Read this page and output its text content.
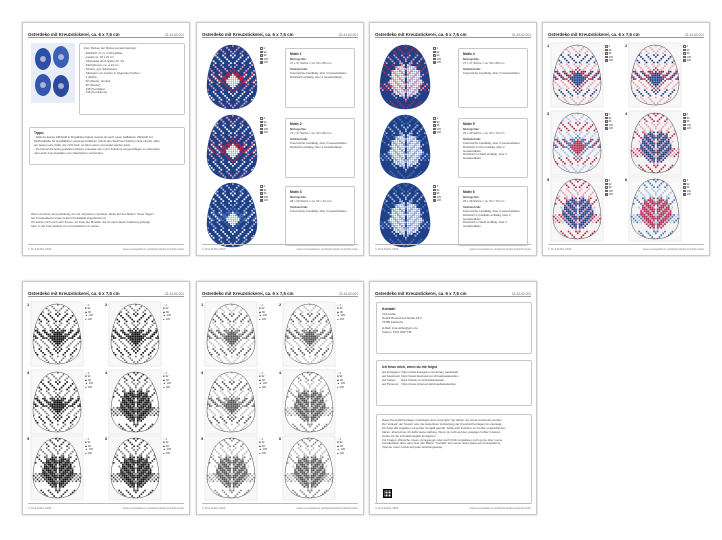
Osterdeko mit Kreuzstickerei, ca. 6 x 7,5 cm	32-43-62-001
Zum Sticken der Motive werden benötigt:
- Zählstoff, 27 ct, in Royalblau,
jeweils ca. 20 x 20 cm
- Sticknadel ohne Spitze Nr. 24
- Stickrahmen, ca. ø 13 cm
- Schere, ggf. Stickschere
- Stickgarn von Anchor in folgenden Farben:
2 (Weiß)
92 (Flieder, dunkel)
96 (Flieder)
135 (Kornblau)
136 (Kornblume)
Tipps:
- Falls du keinen Zählstoff in Royalblau findest, kannst du auch einen hellblauen Zählstoff mit
Stoffmalfarbe für Handflächen passend einfärben. Damit den Stoff beim Färben nicht einrollt, nähe
am besten eine Falte, die nicht hielt, sondern warm vermeidet werden kann.
- Du kannst die fertig gestickten Motive entweder wie in der Anleitung vorgeschlagen zu Ostereiern
oder auch zum Gestalten von Osterkarten verwenden.
Wenn du keine neue Anleitung von mir verpassen möchtest, klicke auf den Button "Autor folgen",
auf Crosspatterns unten neben Produktbild eingebracht ist.
Ich würde mich auch sehr freuen, ein Foto der Modelle, die du nach dieser Anleitung gefertigt
hast, in der Foto-Galerie von Crosspatterns zu sehen.
© Irina Dolbe 2023	www.crosspatterns.net/de/kunst/kreuzstichmuster
Osterdeko mit Kreuzstickerei, ca. 6 x 7,5 cm	32-43-62-001
2
92
96
135
136
Motiv 1
Motivgröße:
27 x 37 Stiche = ca. 50 x 68 mm
Sticktechnik:
Kreuzstiche zweifädig, über 2 Gewebefäden.
Rückstich einfädig, über 2 Gewebefäden.
2
92
96
135
136
Motiv 2
Motivgröße:
27 x 37 Stiche = ca. 50 x 68 mm
Sticktechnik:
Kreuzstiche zweifädig, über 2 Gewebefäden.
Rückstich einfädig, über 2 Gewebefäden.
2
92
96
135
136
Motiv 3
Motivgröße:
28 x 39 Stiche = ca. 52 x 72 mm
Sticktechnik:
Kreuzstiche zweifädig, über 2 Gewebefäden.
© Irina Dolbe 2023	www.crosspatterns.net/de/kunst/kreuzstichmuster
Osterdeko mit Kreuzstickerei, ca. 6 x 7,5 cm	32-43-62-001
2
92
96
135
136
Motiv 4
Motivgröße:
27 x 37 Stiche = ca. 50 x 68 mm
Sticktechnik:
Kreuzstiche zweifädig, über 2 Gewebefäden.
2
92
96
135
136
Motiv 5
Motivgröße:
29 x 39 Stiche = ca. 54 x 73 mm
Sticktechnik:
Kreuzstiche zweifädig, über 2 Gewebefäden.
Rückstich in Rot einfädig, über 2 Gewebefäden.
Rückstich in Weiß einfädig, über 2 Gewebefäden.
2
92
96
135
136
Motiv 6
Motivgröße:
29 x 39 Stiche = ca. 54 x 73 mm
Sticktechnik:
Kreuzstiche zweifädig, über 2 Gewebefäden.
Rückstich in Hellblau einfädig, über 2 Gewebefäden.
Rückstich in Weiß einfädig, über 2 Gewebefäden.
© Irina Dolbe 2023	www.crosspatterns.net/de/kunst/kreuzstichmuster
Osterdeko mit Kreuzstickerei, ca. 6 x 7,5 cm	32-43-62-001
1	2
92
96
135
136
2	2
92
96
135
136
3	2
92
96
135
136
4	2
92
96
135
136
5	2
92
96
135
136
6	2
92
96
135
136
© Irina Dolbe 2023	www.crosspatterns.net/de/kunst/kreuzstichmuster
Osterdeko mit Kreuzstickerei, ca. 6 x 7,5 cm	32-43-62-001
1	○2
■92
◆96
▲135
●136
2	○2
■92
◆96
▲135
●136
3	○2
■92
◆96
▲135
●136
4	○2
■92
◆96
▲135
●136
5	○2
■92
◆96
▲135
●136
6	○2
■92
◆96
▲135
●136
© Irina Dolbe 2023	www.crosspatterns.net/de/kunst/kreuzstichmuster
Osterdeko mit Kreuzstickerei, ca. 6 x 7,5 cm	32-43-62-001
1	○2
■92
◆96
▲135
●136
2	○2
■92
◆96
▲135
●136
3	○2
■92
◆96
▲135
●136
4	○2
■92
◆96
▲135
●136
5	○2
■92
◆96
▲135
●136
6	○2
■92
◆96
▲135
●136
© Irina Dolbe 2023	www.crosspatterns.net/de/kunst/kreuzstichmuster
Osterdeko mit Kreuzstickerei, ca. 6 x 7,5 cm	32-43-62-001
Kontakt:
Irina Dolbe
Rudolf-Breitscheid-Straße 18 C
76189 Karlsruhe
E-Mail: irina.dolbe@gmx.de
Telefon: 0721 8197735
Ich freue mich, wenn du mir folgst
auf Instagram: https://www.instagram.com/irinas_bastelwelt
auf Facebook: https://www.facebook.com/irinasbastelwelten
auf Twitter:      https://twitter.com/irinasbastelwelt
auf Pinterest:   https://www.pinterest.de/irinasbastelwelten
Diese Kreuzstichvorlagen unterliegen dem Copyright. Sie dürfen nur privat verwendet werden.
Der Verkauf, der Tausch oder die kostenlose Verbreitung der Kreuzstichvorlagen ist untersagt.
Ich habe alle Angaben mit großer Sorgfalt geprüft. Sollte sich trotzdem ein Fehler eingeschlichen
haben, übernehme ich dafür keine Haftung. Wenn du mich auf den etwaigen Fehler hinweist,
werde ich ihn schnellstmöglich korrigieren.
Für Fragen, Wünsche, Ideen, Anregungen oder auch Kritik kontaktiere mich gerne über meine
Kontaktdaten oben oder über den Button "Kontakt" auf meiner Store-Seite auf Crosspatterns
(Spnner unten rechts auf jeder Anleitungsseite).
© Irina Dolbe 2023	www.crosspatterns.net/de/kunst/kreuzstichmuster
